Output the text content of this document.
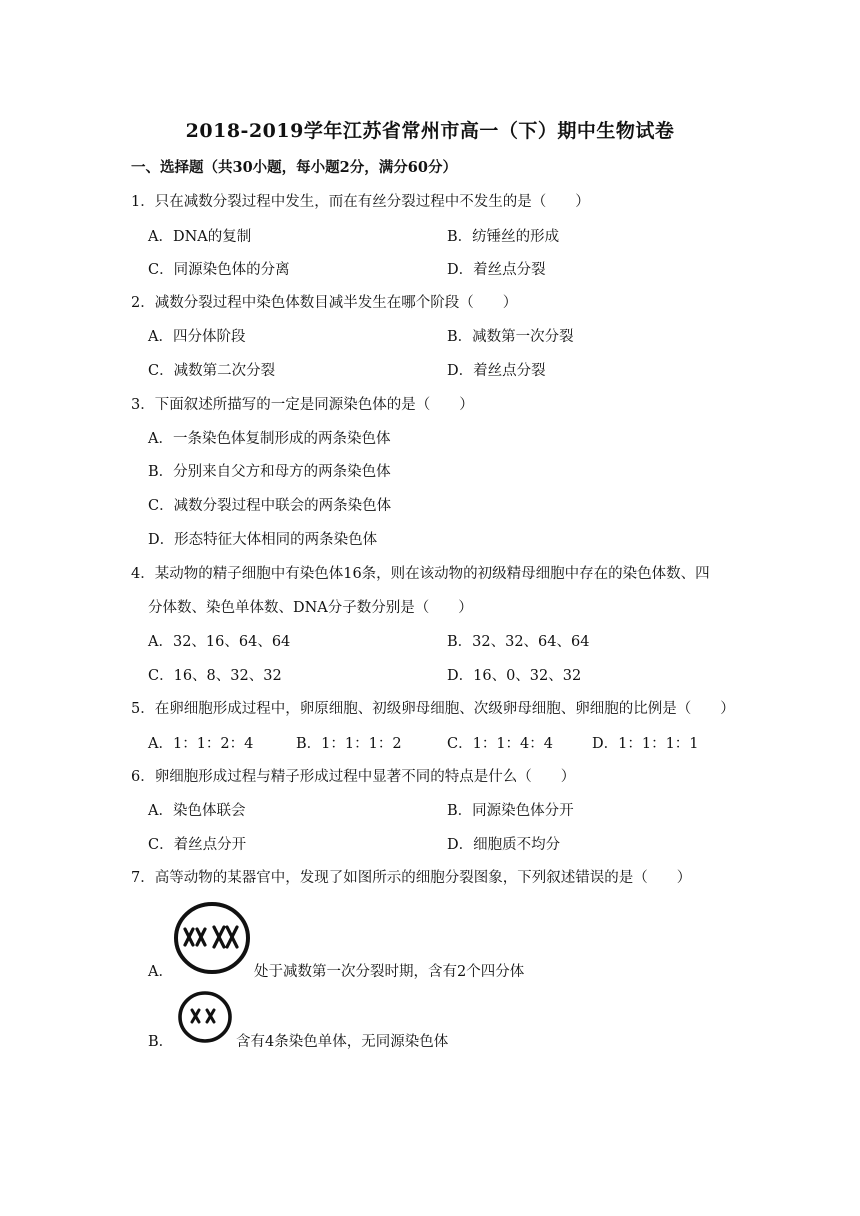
2018-2019学年江苏省常州市高一（下）期中生物试卷
一、选择题（共30小题，每小题2分，满分60分）
1．只在减数分裂过程中发生，而在有丝分裂过程中不发生的是（　　）
A．DNA的复制	B．纺锤丝的形成
C．同源染色体的分离	D．着丝点分裂
2．减数分裂过程中染色体数目减半发生在哪个阶段（　　）
A．四分体阶段	B．减数第一次分裂
C．减数第二次分裂	D．着丝点分裂
3．下面叙述所描写的一定是同源染色体的是（　　）
A．一条染色体复制形成的两条染色体
B．分别来自父方和母方的两条染色体
C．减数分裂过程中联会的两条染色体
D．形态特征大体相同的两条染色体
4．某动物的精子细胞中有染色体16条，则在该动物的初级精母细胞中存在的染色体数、四
分体数、染色单体数、DNA分子数分别是（　　）
A．32、16、64、64	B．32、32、64、64
C．16、8、32、32	D．16、0、32、32
5．在卵细胞形成过程中，卵原细胞、初级卵母细胞、次级卵母细胞、卵细胞的比例是（　　）
A．1：1：2：4	B．1：1：1：2	C．1：1：4：4	D．1：1：1：1
6．卵细胞形成过程与精子形成过程中显著不同的特点是什么（　　）
A．染色体联会	B．同源染色体分开
C．着丝点分开	D．细胞质不均分
7．高等动物的某器官中，发现了如图所示的细胞分裂图象，下列叙述错误的是（　　）
A．	处于减数第一次分裂时期，含有2个四分体
B．	含有4条染色单体，无同源染色体
